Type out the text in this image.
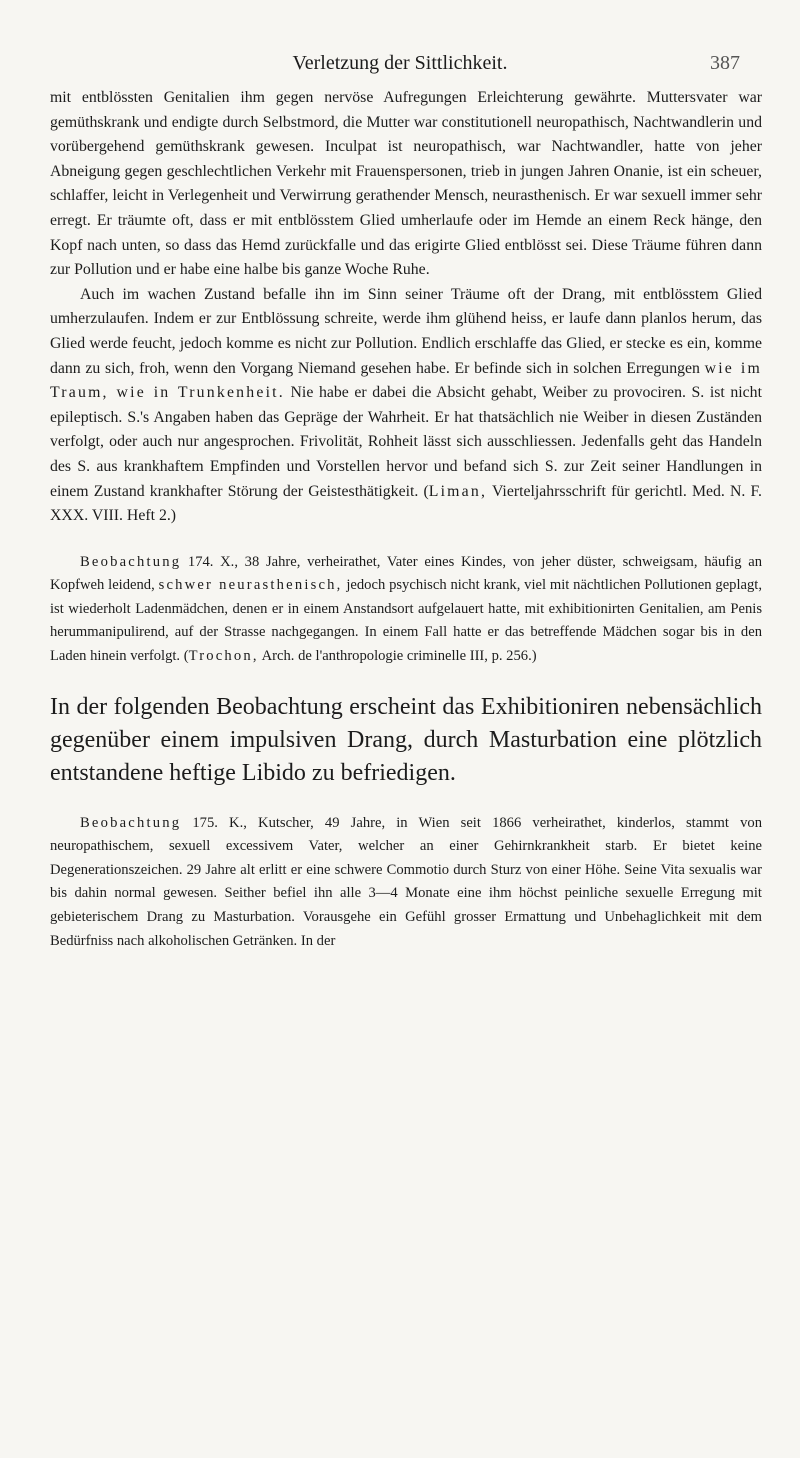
Verletzung der Sittlichkeit.	387

mit entblössten Genitalien ihm gegen nervöse Aufregungen Erleichterung gewährte. Muttersvater war gemüthskrank und endigte durch Selbstmord, die Mutter war constitutionell neuropathisch, Nachtwandlerin und vorübergehend gemüthskrank gewesen. Inculpat ist neuropathisch, war Nachtwandler, hatte von jeher Abneigung gegen geschlechtlichen Verkehr mit Frauenspersonen, trieb in jungen Jahren Onanie, ist ein scheuer, schlaffer, leicht in Verlegenheit und Verwirrung gerathender Mensch, neurasthenisch. Er war sexuell immer sehr erregt. Er träumte oft, dass er mit entblösstem Glied umherlaufe oder im Hemde an einem Reck hänge, den Kopf nach unten, so dass das Hemd zurückfalle und das erigirte Glied entblösst sei. Diese Träume führen dann zur Pollution und er habe eine halbe bis ganze Woche Ruhe.

Auch im wachen Zustand befalle ihn im Sinn seiner Träume oft der Drang, mit entblösstem Glied umherzulaufen. Indem er zur Entblössung schreite, werde ihm glühend heiss, er laufe dann planlos herum, das Glied werde feucht, jedoch komme es nicht zur Pollution. Endlich erschlaffe das Glied, er stecke es ein, komme dann zu sich, froh, wenn den Vorgang Niemand gesehen habe. Er befinde sich in solchen Erregungen wie im Traum, wie in Trunkenheit. Nie habe er dabei die Absicht gehabt, Weiber zu provociren. S. ist nicht epileptisch. S.'s Angaben haben das Gepräge der Wahrheit. Er hat thatsächlich nie Weiber in diesen Zuständen verfolgt, oder auch nur angesprochen. Frivolität, Rohheit lässt sich ausschliessen. Jedenfalls geht das Handeln des S. aus krankhaftem Empfinden und Vorstellen hervor und befand sich S. zur Zeit seiner Handlungen in einem Zustand krankhafter Störung der Geistesthätigkeit. (Liman, Vierteljahrsschrift für gerichtl. Med. N. F. XXX. VIII. Heft 2.)

Beobachtung 174. X., 38 Jahre, verheirathet, Vater eines Kindes, von jeher düster, schweigsam, häufig an Kopfweh leidend, schwer neurasthenisch, jedoch psychisch nicht krank, viel mit nächtlichen Pollutionen geplagt, ist wiederholt Ladenmädchen, denen er in einem Anstandsort aufgelauert hatte, mit exhibitionirten Genitalien, am Penis herummanipulirend, auf der Strasse nachgegangen. In einem Fall hatte er das betreffende Mädchen sogar bis in den Laden hinein verfolgt. (Trochon, Arch. de l'anthropologie criminelle III, p. 256.)

In der folgenden Beobachtung erscheint das Exhibitioniren nebensächlich gegenüber einem impulsiven Drang, durch Masturbation eine plötzlich entstandene heftige Libido zu befriedigen.

Beobachtung 175. K., Kutscher, 49 Jahre, in Wien seit 1866 verheirathet, kinderlos, stammt von neuropathischem, sexuell excessivem Vater, welcher an einer Gehirnkrankheit starb. Er bietet keine Degenerationszeichen. 29 Jahre alt erlitt er eine schwere Commotio durch Sturz von einer Höhe. Seine Vita sexualis war bis dahin normal gewesen. Seither befiel ihn alle 3—4 Monate eine ihm höchst peinliche sexuelle Erregung mit gebieterischem Drang zu Masturbation. Vorausgehe ein Gefühl grosser Ermattung und Unbehaglichkeit mit dem Bedürfniss nach alkoholischen Getränken. In der
